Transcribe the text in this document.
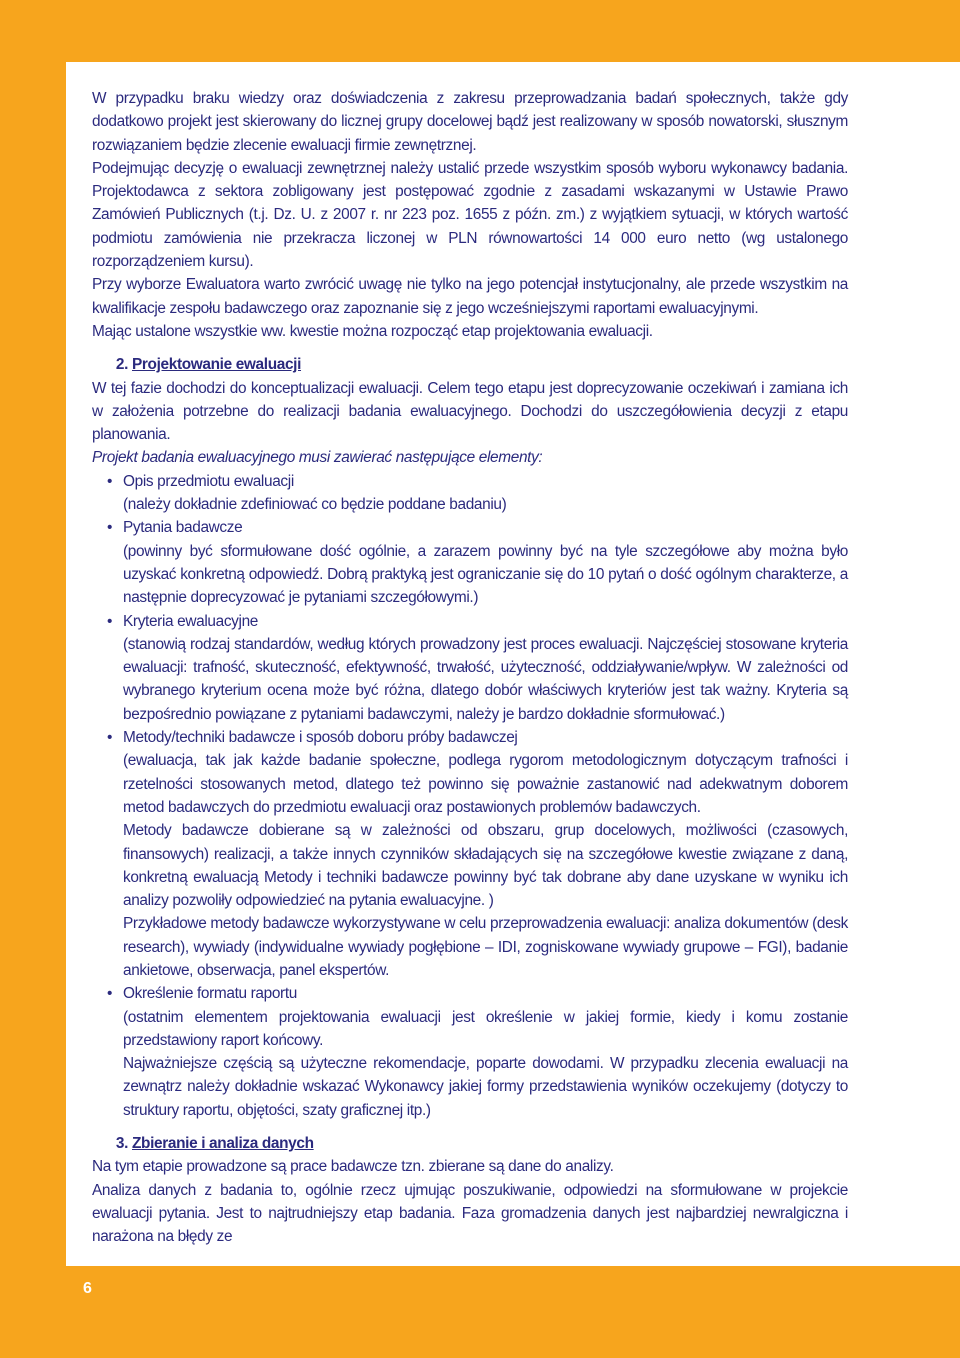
6

W przypadku braku wiedzy oraz doświadczenia z zakresu przeprowadzania badań społecznych, także gdy dodatkowo projekt jest skierowany do licznej grupy docelowej bądź jest realizowany w sposób nowatorski, słusznym rozwiązaniem będzie zlecenie ewaluacji firmie zewnętrznej.

Podejmując decyzję o ewaluacji zewnętrznej należy ustalić przede wszystkim sposób wyboru wykonawcy badania. Projektodawca z sektora zobligowany jest postępować zgodnie z zasadami wskazanymi w Ustawie Prawo Zamówień Publicznych (t.j. Dz. U. z 2007 r. nr 223 poz. 1655 z późn. zm.) z wyjątkiem sytuacji, w których wartość podmiotu zamówienia nie przekracza liczonej w PLN równowartości 14 000 euro netto (wg ustalonego rozporządzeniem kursu).

Przy wyborze Ewaluatora warto zwrócić uwagę nie tylko na jego potencjał instytucjonalny, ale przede wszystkim na kwalifikacje zespołu badawczego oraz zapoznanie się z jego wcześniejszymi raportami ewaluacyjnymi.

Mając ustalone wszystkie ww. kwestie można rozpocząć etap projektowania ewaluacji.

2. Projektowanie ewaluacji

W tej fazie dochodzi do konceptualizacji ewaluacji. Celem tego etapu jest doprecyzowanie oczekiwań i zamiana ich w założenia potrzebne do realizacji badania ewaluacyjnego. Dochodzi do uszczegółowienia decyzji z etapu planowania.

Projekt badania ewaluacyjnego musi zawierać następujące elementy:

• Opis przedmiotu ewaluacji

(należy dokładnie zdefiniować co będzie poddane badaniu)

• Pytania badawcze

(powinny być sformułowane dość ogólnie, a zarazem powinny być na tyle szczegółowe aby można było uzyskać konkretną odpowiedź. Dobrą praktyką jest ograniczanie się do 10 pytań o dość ogólnym charakterze, a następnie doprecyzować je pytaniami szczegółowymi.)

• Kryteria ewaluacyjne

(stanowią rodzaj standardów, według których prowadzony jest proces ewaluacji. Najczęściej stosowane kryteria ewaluacji: trafność, skuteczność, efektywność, trwałość, użyteczność, oddziaływanie/wpływ. W zależności od wybranego kryterium ocena może być różna, dlatego dobór właściwych kryteriów jest tak ważny. Kryteria są bezpośrednio powiązane z pytaniami badawczymi, należy je bardzo dokładnie sformułować.)

• Metody/techniki badawcze i sposób doboru próby badawczej

(ewaluacja, tak jak każde badanie społeczne, podlega rygorom metodologicznym dotyczącym trafności i rzetelności stosowanych metod, dlatego też powinno się poważnie zastanowić nad adekwatnym doborem metod badawczych do przedmiotu ewaluacji oraz postawionych problemów badawczych.

Metody badawcze dobierane są w zależności od obszaru, grup docelowych, możliwości (czasowych, finansowych) realizacji, a także innych czynników składających się na szczegółowe kwestie związane z daną, konkretną ewaluacją Metody i techniki badawcze powinny być tak dobrane aby dane uzyskane w wyniku ich analizy pozwoliły odpowiedzieć na pytania ewaluacyjne. )

Przykładowe metody badawcze wykorzystywane w celu przeprowadzenia ewaluacji: analiza dokumentów (desk research), wywiady (indywidualne wywiady pogłębione – IDI, zogniskowane wywiady grupowe – FGI), badanie ankietowe, obserwacja, panel ekspertów.

• Określenie formatu raportu

(ostatnim elementem projektowania ewaluacji jest określenie w jakiej formie, kiedy i komu zostanie przedstawiony raport końcowy.

Najważniejsze częścią są użyteczne rekomendacje, poparte dowodami. W przypadku zlecenia ewaluacji na zewnątrz należy dokładnie wskazać Wykonawcy jakiej formy przedstawienia wyników oczekujemy (dotyczy to struktury raportu, objętości, szaty graficznej itp.)

3. Zbieranie i analiza danych

Na tym etapie prowadzone są prace badawcze tzn. zbierane są dane do analizy.

Analiza danych z badania to, ogólnie rzecz ujmując poszukiwanie, odpowiedzi na sformułowane w projekcie ewaluacji pytania. Jest to najtrudniejszy etap badania. Faza gromadzenia danych jest najbardziej newralgiczna i narażona na błędy ze
